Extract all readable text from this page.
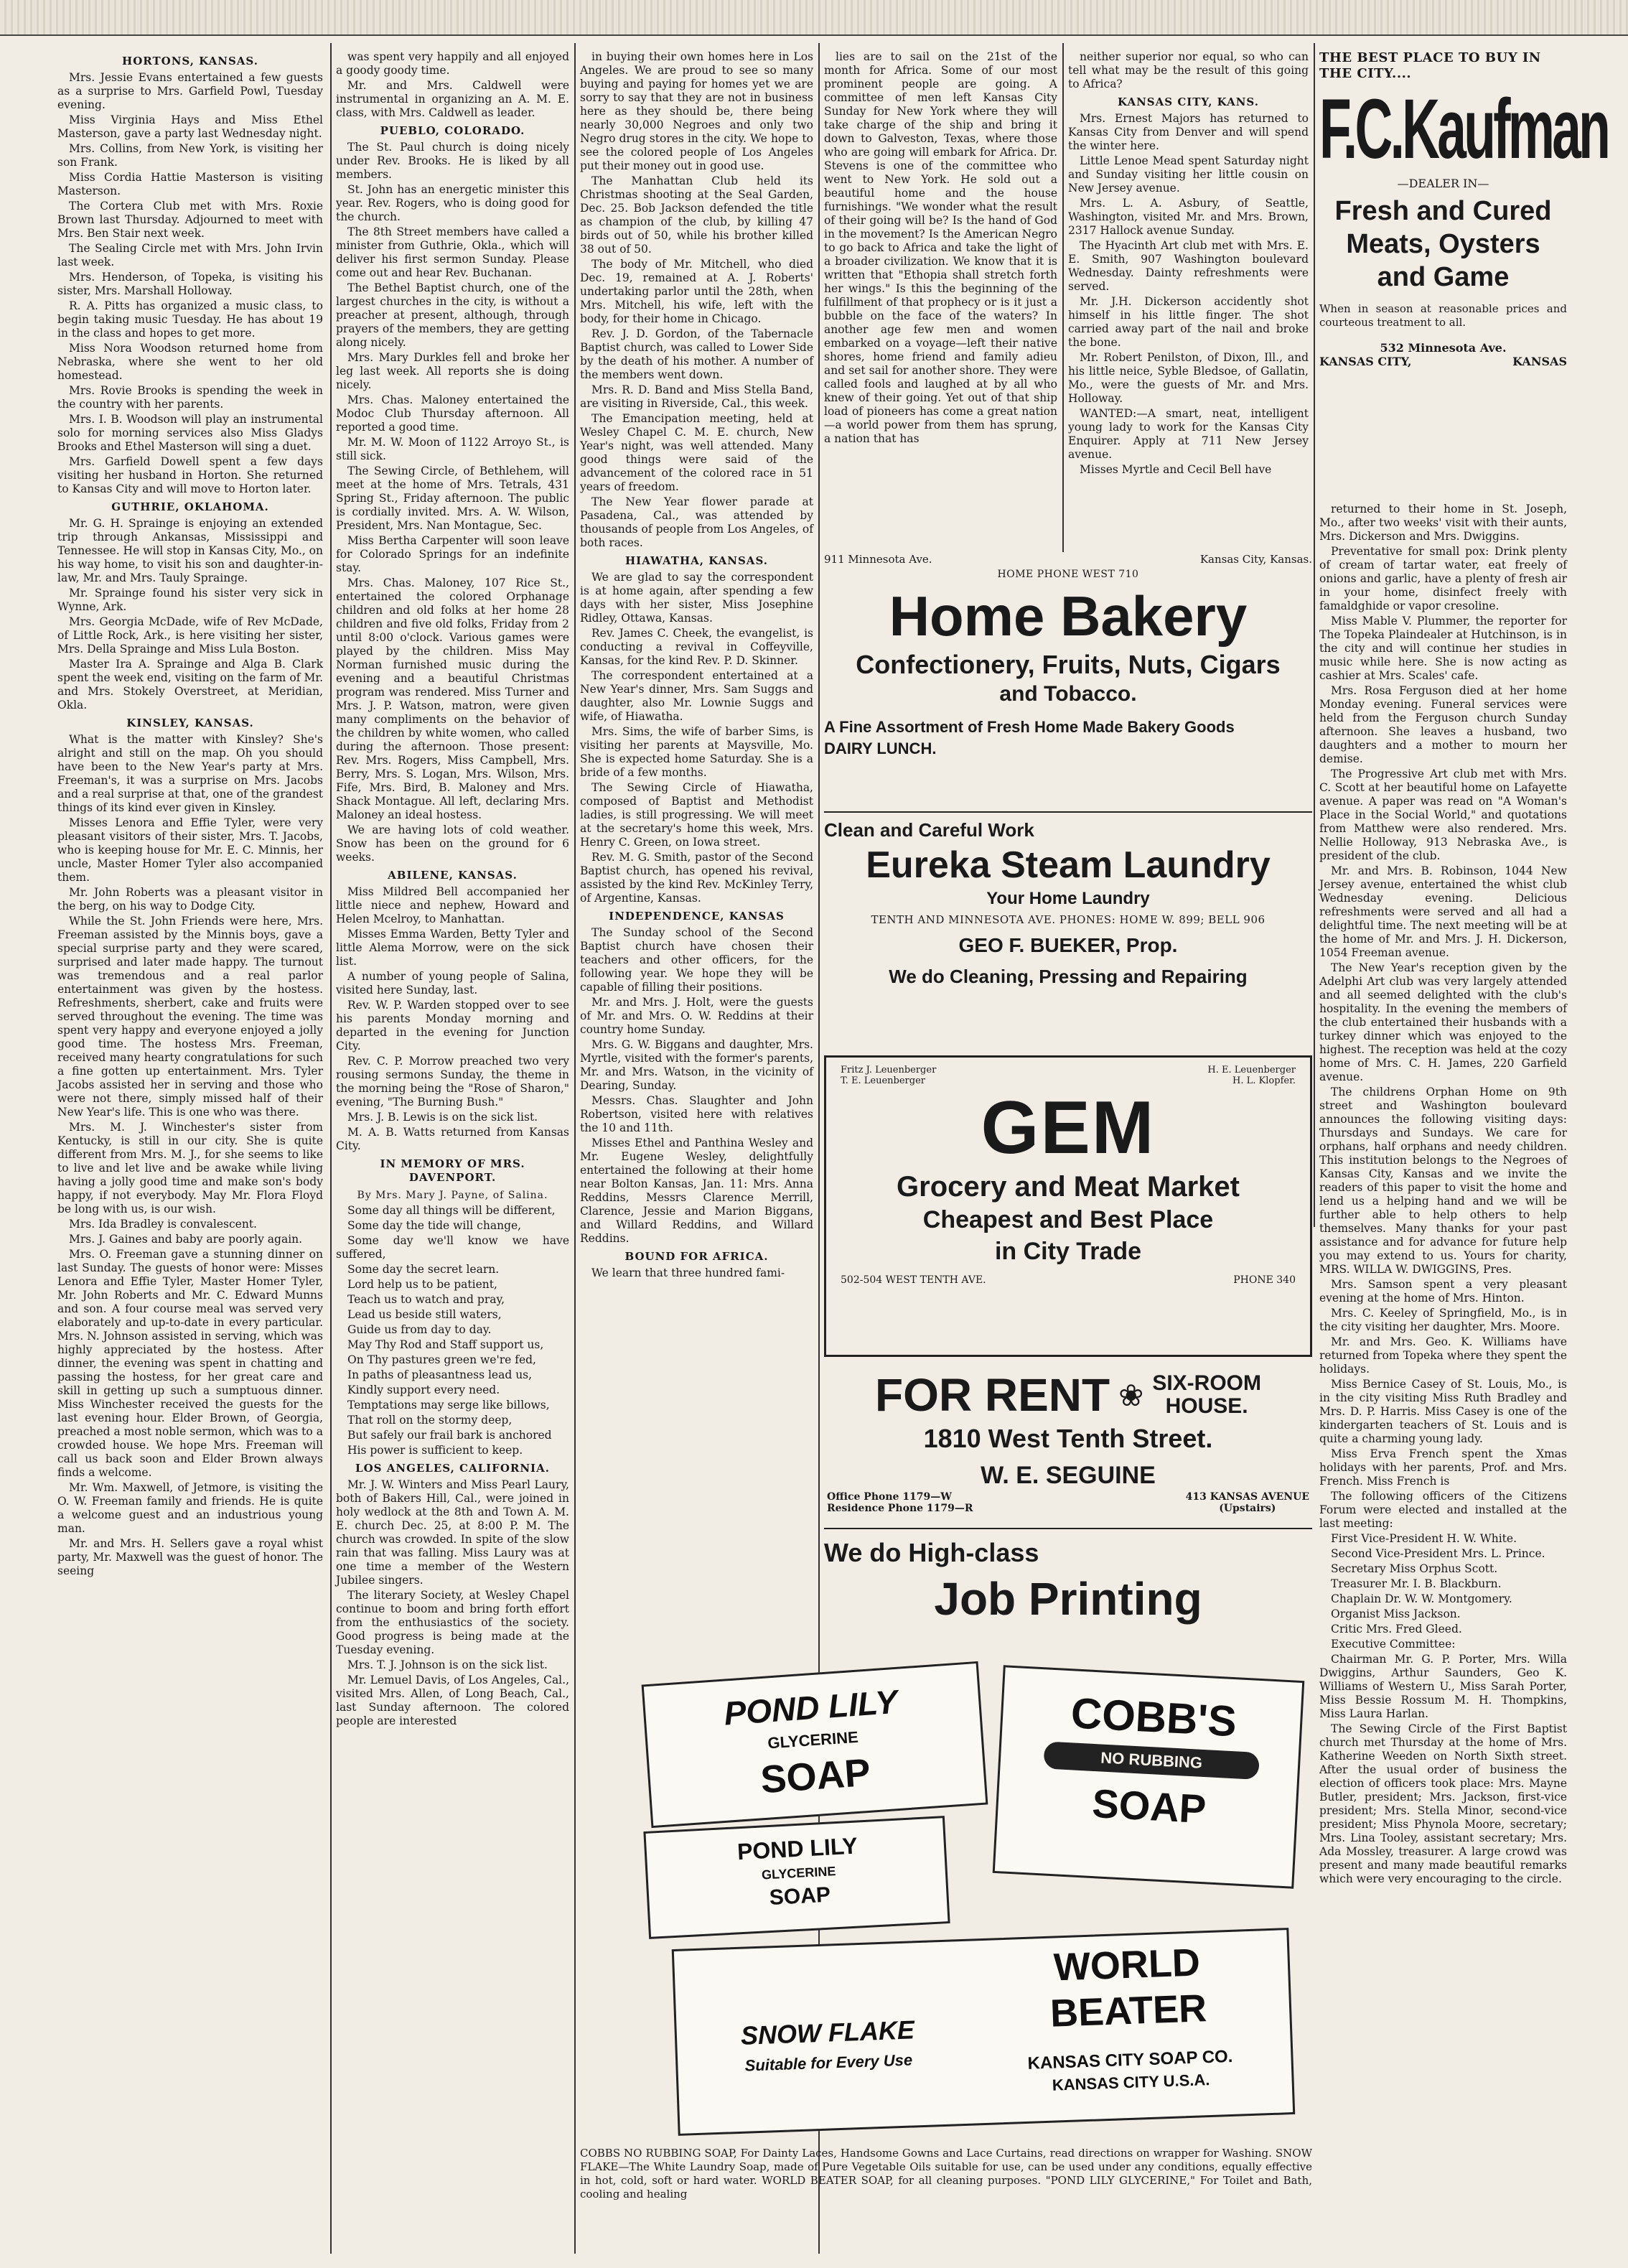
HORTONS, KANSAS.

Mrs. Jessie Evans entertained a few guests as a surprise to Mrs. Garfield Powl, Tuesday evening.

Miss Virginia Hays and Miss Ethel Masterson, gave a party last Wednesday night.

Mrs. Collins, from New York, is visiting her son Frank.

Miss Cordia Hattie Masterson is visiting Masterson.

The Cortera Club met with Mrs. Roxie Brown last Thursday. Adjourned to meet with Mrs. Ben Stair next week.

The Sealing Circle met with Mrs. John Irvin last week.

Mrs. Henderson, of Topeka, is visiting his sister, Mrs. Marshall Holloway.

R. A. Pitts has organized a music class, to begin taking music Tuesday. He has about 19 in the class and hopes to get more.

Miss Nora Woodson returned home from Nebraska, where she went to her old homestead.

Mrs. Rovie Brooks is spending the week in the country with her parents.

Mrs. I. B. Woodson will play an instrumental solo for morning services also Miss Gladys Brooks and Ethel Masterson will sing a duet.

Mrs. Garfield Dowell spent a few days visiting her husband in Horton. She returned to Kansas City and will move to Horton later.

GUTHRIE, OKLAHOMA.

Mr. G. H. Sprainge is enjoying an extended trip through Ankansas, Mississippi and Tennessee. He will stop in Kansas City, Mo., on his way home, to visit his son and daughter-in-law, Mr. and Mrs. Tauly Sprainge.

Mr. Sprainge found his sister very sick in Wynne, Ark.

Mrs. Georgia McDade, wife of Rev McDade, of Little Rock, Ark., is here visiting her sister, Mrs. Della Sprainge and Miss Lula Boston.

Master Ira A. Sprainge and Alga B. Clark spent the week end, visiting on the farm of Mr. and Mrs. Stokely Overstreet, at Meridian, Okla.

KINSLEY, KANSAS.

What is the matter with Kinsley? She's alright and still on the map. Oh you should have been to the New Year's party at Mrs. Freeman's, it was a surprise on Mrs. Jacobs and a real surprise at that, one of the grandest things of its kind ever given in Kinsley.

Misses Lenora and Effie Tyler, were very pleasant visitors of their sister, Mrs. T. Jacobs, who is keeping house for Mr. E. C. Minnis, her uncle, Master Homer Tyler also accompanied them.

Mr. John Roberts was a pleasant visitor in the berg, on his way to Dodge City.

While the St. John Friends were here, Mrs. Freeman assisted by the Minnis boys, gave a special surprise party and they were scared, surprised and later made happy. The turnout was tremendous and a real parlor entertainment was given by the hostess. Refreshments, sherbert, cake and fruits were served throughout the evening. The time was spent very happy and everyone enjoyed a jolly good time. The hostess Mrs. Freeman, received many hearty congratulations for such a fine gotten up entertainment. Mrs. Tyler Jacobs assisted her in serving and those who were not there, simply missed half of their New Year's life. This is one who was there.

Mrs. M. J. Winchester's sister from Kentucky, is still in our city. She is quite different from Mrs. M. J., for she seems to like to live and let live and be awake while living having a jolly good time and make son's body happy, if not everybody. May Mr. Flora Floyd be long with us, is our wish.

Mrs. Ida Bradley is convalescent.

Mrs. J. Gaines and baby are poorly again.

Mrs. O. Freeman gave a stunning dinner on last Sunday. The guests of honor were: Misses Lenora and Effie Tyler, Master Homer Tyler, Mr. John Roberts and Mr. C. Edward Munns and son. A four course meal was served very elaborately and up-to-date in every particular. Mrs. N. Johnson assisted in serving, which was highly appreciated by the hostess. After dinner, the evening was spent in chatting and passing the hostess, for her great care and skill in getting up such a sumptuous dinner. Miss Winchester received the guests for the last evening hour. Elder Brown, of Georgia, preached a most noble sermon, which was to a crowded house. We hope Mrs. Freeman will call us back soon and Elder Brown always finds a welcome.

Mr. Wm. Maxwell, of Jetmore, is visiting the O. W. Freeman family and friends. He is quite a welcome guest and an industrious young man.

Mr. and Mrs. H. Sellers gave a royal whist party, Mr. Maxwell was the guest of honor. The seeing

was spent very happily and all enjoyed a goody goody time.

Mr. and Mrs. Caldwell were instrumental in organizing an A. M. E. class, with Mrs. Caldwell as leader.

PUEBLO, COLORADO.

The St. Paul church is doing nicely under Rev. Brooks. He is liked by all members.

St. John has an energetic minister this year. Rev. Rogers, who is doing good for the church.

The 8th Street members have called a minister from Guthrie, Okla., which will deliver his first sermon Sunday. Please come out and hear Rev. Buchanan.

The Bethel Baptist church, one of the largest churches in the city, is without a preacher at present, although, through prayers of the members, they are getting along nicely.

Mrs. Mary Durkles fell and broke her leg last week. All reports she is doing nicely.

Mrs. Chas. Maloney entertained the Modoc Club Thursday afternoon. All reported a good time.

Mr. M. W. Moon of 1122 Arroyo St., is still sick.

The Sewing Circle, of Bethlehem, will meet at the home of Mrs. Tetrals, 431 Spring St., Friday afternoon. The public is cordially invited. Mrs. A. W. Wilson, President, Mrs. Nan Montague, Sec.

Miss Bertha Carpenter will soon leave for Colorado Springs for an indefinite stay.

Mrs. Chas. Maloney, 107 Rice St., entertained the colored Orphanage children and old folks at her home 28 children and five old folks, Friday from 2 until 8:00 o'clock. Various games were played by the children. Miss May Norman furnished music during the evening and a beautiful Christmas program was rendered. Miss Turner and Mrs. J. P. Watson, matron, were given many compliments on the behavior of the children by white women, who called during the afternoon. Those present: Rev. Mrs. Rogers, Miss Campbell, Mrs. Berry, Mrs. S. Logan, Mrs. Wilson, Mrs. Fife, Mrs. Bird, B. Maloney and Mrs. Shack Montague. All left, declaring Mrs. Maloney an ideal hostess.

We are having lots of cold weather. Snow has been on the ground for 6 weeks.

ABILENE, KANSAS.

Miss Mildred Bell accompanied her little niece and nephew, Howard and Helen Mcelroy, to Manhattan.

Misses Emma Warden, Betty Tyler and little Alema Morrow, were on the sick list.

A number of young people of Salina, visited here Sunday, last.

Rev. W. P. Warden stopped over to see his parents Monday morning and departed in the evening for Junction City.

Rev. C. P. Morrow preached two very rousing sermons Sunday, the theme in the morning being the "Rose of Sharon," evening, "The Burning Bush."

Mrs. J. B. Lewis is on the sick list.

M. A. B. Watts returned from Kansas City.

IN MEMORY OF MRS. DAVENPORT.
By Mrs. Mary J. Payne, of Salina.

Some day all things will be different,

Some day the tide will change,

Some day we'll know we have suffered,

Some day the secret learn.

Lord help us to be patient,

Teach us to watch and pray,

Lead us beside still waters,

Guide us from day to day.

May Thy Rod and Staff support us,

On Thy pastures green we're fed,

In paths of pleasantness lead us,

Kindly support every need.

Temptations may serge like billows,

That roll on the stormy deep,

But safely our frail bark is anchored

His power is sufficient to keep.

LOS ANGELES, CALIFORNIA.

Mr. J. W. Winters and Miss Pearl Laury, both of Bakers Hill, Cal., were joined in holy wedlock at the 8th and Town A. M. E. church Dec. 25, at 8:00 P. M. The church was crowded. In spite of the slow rain that was falling. Miss Laury was at one time a member of the Western Jubilee singers.

The literary Society, at Wesley Chapel continue to boom and bring forth effort from the enthusiastics of the society. Good progress is being made at the Tuesday evening.

Mrs. T. J. Johnson is on the sick list.

Mr. Lemuel Davis, of Los Angeles, Cal., visited Mrs. Allen, of Long Beach, Cal., last Sunday afternoon. The colored people are interested

in buying their own homes here in Los Angeles. We are proud to see so many buying and paying for homes yet we are sorry to say that they are not in business here as they should be, there being nearly 30,000 Negroes and only two Negro drug stores in the city. We hope to see the colored people of Los Angeles put their money out in good use.

The Manhattan Club held its Christmas shooting at the Seal Garden, Dec. 25. Bob Jackson defended the title as champion of the club, by killing 47 birds out of 50, while his brother killed 38 out of 50.

The body of Mr. Mitchell, who died Dec. 19, remained at A. J. Roberts' undertaking parlor until the 28th, when Mrs. Mitchell, his wife, left with the body, for their home in Chicago.

Rev. J. D. Gordon, of the Tabernacle Baptist church, was called to Lower Side by the death of his mother. A number of the members went down.

Mrs. R. D. Band and Miss Stella Band, are visiting in Riverside, Cal., this week.

The Emancipation meeting, held at Wesley Chapel C. M. E. church, New Year's night, was well attended. Many good things were said of the advancement of the colored race in 51 years of freedom.

The New Year flower parade at Pasadena, Cal., was attended by thousands of people from Los Angeles, of both races.

HIAWATHA, KANSAS.

We are glad to say the correspondent is at home again, after spending a few days with her sister, Miss Josephine Ridley, Ottawa, Kansas.

Rev. James C. Cheek, the evangelist, is conducting a revival in Coffeyville, Kansas, for the kind Rev. P. D. Skinner.

The correspondent entertained at a New Year's dinner, Mrs. Sam Suggs and daughter, also Mr. Lownie Suggs and wife, of Hiawatha.

Mrs. Sims, the wife of barber Sims, is visiting her parents at Maysville, Mo. She is expected home Saturday. She is a bride of a few months.

The Sewing Circle of Hiawatha, composed of Baptist and Methodist ladies, is still progressing. We will meet at the secretary's home this week, Mrs. Henry C. Green, on Iowa street.

Rev. M. G. Smith, pastor of the Second Baptist church, has opened his revival, assisted by the kind Rev. McKinley Terry, of Argentine, Kansas.

INDEPENDENCE, KANSAS

The Sunday school of the Second Baptist church have chosen their teachers and other officers, for the following year. We hope they will be capable of filling their positions.

Mr. and Mrs. J. Holt, were the guests of Mr. and Mrs. O. W. Reddins at their country home Sunday.

Mrs. G. W. Biggans and daughter, Mrs. Myrtle, visited with the former's parents, Mr. and Mrs. Watson, in the vicinity of Dearing, Sunday.

Messrs. Chas. Slaughter and John Robertson, visited here with relatives the 10 and 11th.

Misses Ethel and Panthina Wesley and Mr. Eugene Wesley, delightfully entertained the following at their home near Bolton Kansas, Jan. 11: Mrs. Anna Reddins, Messrs Clarence Merrill, Clarence, Jessie and Marion Biggans, and Willard Reddins, and Willard Reddins.

BOUND FOR AFRICA.

We learn that three hundred fami-

lies are to sail on the 21st of the month for Africa. Some of our most prominent people are going. A committee of men left Kansas City Sunday for New York where they will take charge of the ship and bring it down to Galveston, Texas, where those who are going will embark for Africa. Dr. Stevens is one of the committee who went to New York. He sold out a beautiful home and the house furnishings. "We wonder what the result of their going will be? Is the hand of God in the movement? Is the American Negro to go back to Africa and take the light of a broader civilization. We know that it is written that "Ethopia shall stretch forth her wings." Is this the beginning of the fulfillment of that prophecy or is it just a bubble on the face of the waters? In another age few men and women embarked on a voyage—left their native shores, home friend and family adieu and set sail for another shore. They were called fools and laughed at by all who knew of their going. Yet out of that ship load of pioneers has come a great nation—a world power from them has sprung, a nation that has

neither superior nor equal, so who can tell what may be the result of this going to Africa?

KANSAS CITY, KANS.

Mrs. Ernest Majors has returned to Kansas City from Denver and will spend the winter here.

Little Lenoe Mead spent Saturday night and Sunday visiting her little cousin on New Jersey avenue.

Mrs. L. A. Asbury, of Seattle, Washington, visited Mr. and Mrs. Brown, 2317 Hallock avenue Sunday.

The Hyacinth Art club met with Mrs. E. E. Smith, 907 Washington boulevard Wednesday. Dainty refreshments were served.

Mr. J.H. Dickerson accidently shot himself in his little finger. The shot carried away part of the nail and broke the bone.

Mr. Robert Penilston, of Dixon, Ill., and his little neice, Syble Bledsoe, of Gallatin, Mo., were the guests of Mr. and Mrs. Holloway.

WANTED:—A smart, neat, intelligent young lady to work for the Kansas City Enquirer. Apply at 711 New Jersey avenue.

Misses Myrtle and Cecil Bell have

returned to their home in St. Joseph, Mo., after two weeks' visit with their aunts, Mrs. Dickerson and Mrs. Dwiggins.

Preventative for small pox: Drink plenty of cream of tartar water, eat freely of onions and garlic, have a plenty of fresh air in your home, disinfect freely with famaldghide or vapor cresoline.

Miss Mable V. Plummer, the reporter for The Topeka Plaindealer at Hutchinson, is in the city and will continue her studies in music while here. She is now acting as cashier at Mrs. Scales' cafe.

Mrs. Rosa Ferguson died at her home Monday evening. Funeral services were held from the Ferguson church Sunday afternoon. She leaves a husband, two daughters and a mother to mourn her demise.

The Progressive Art club met with Mrs. C. Scott at her beautiful home on Lafayette avenue. A paper was read on "A Woman's Place in the Social World," and quotations from Matthew were also rendered. Mrs. Nellie Holloway, 913 Nebraska Ave., is president of the club.

Mr. and Mrs. B. Robinson, 1044 New Jersey avenue, entertained the whist club Wednesday evening. Delicious refreshments were served and all had a delightful time. The next meeting will be at the home of Mr. and Mrs. J. H. Dickerson, 1054 Freeman avenue.

The New Year's reception given by the Adelphi Art club was very largely attended and all seemed delighted with the club's hospitality. In the evening the members of the club entertained their husbands with a turkey dinner which was enjoyed to the highest. The reception was held at the cozy home of Mrs. C. H. James, 220 Garfield avenue.

The childrens Orphan Home on 9th street and Washington boulevard announces the following visiting days: Thursdays and Sundays. We care for orphans, half orphans and needy children. This institution belongs to the Negroes of Kansas City, Kansas and we invite the readers of this paper to visit the home and lend us a helping hand and we will be further able to help others to help themselves. Many thanks for your past assistance and for advance for future help you may extend to us. Yours for charity, MRS. WILLA W. DWIGGINS, Pres.

Mrs. Samson spent a very pleasant evening at the home of Mrs. Hinton.

Mrs. C. Keeley of Springfield, Mo., is in the city visiting her daughter, Mrs. Moore.

Mr. and Mrs. Geo. K. Williams have returned from Topeka where they spent the holidays.

Miss Bernice Casey of St. Louis, Mo., is in the city visiting Miss Ruth Bradley and Mrs. D. P. Harris. Miss Casey is one of the kindergarten teachers of St. Louis and is quite a charming young lady.

Miss Erva French spent the Xmas holidays with her parents, Prof. and Mrs. French. Miss French is

The following officers of the Citizens Forum were elected and installed at the last meeting:

First Vice-President H. W. White.

Second Vice-President Mrs. L. Prince.

Secretary Miss Orphus Scott.

Treasurer Mr. I. B. Blackburn.

Chaplain Dr. W. W. Montgomery.

Organist Miss Jackson.

Critic Mrs. Fred Gleed.

Executive Committee:

Chairman Mr. G. P. Porter, Mrs. Willa Dwiggins, Arthur Saunders, Geo K. Williams of Western U., Miss Sarah Porter, Miss Bessie Rossum M. H. Thompkins, Miss Laura Harlan.

The Sewing Circle of the First Baptist church met Thursday at the home of Mrs. Katherine Weeden on North Sixth street. After the usual order of business the election of officers took place: Mrs. Mayne Butler, president; Mrs. Jackson, first-vice president; Mrs. Stella Minor, second-vice president; Miss Phynola Moore, secretary; Mrs. Lina Tooley, assistant secretary; Mrs. Ada Mossley, treasurer. A large crowd was present and many made beautiful remarks which were very encouraging to the circle.

THE BEST PLACE TO BUY IN THE CITY....
F.C.Kaufman
—DEALER IN—
Fresh and Cured
Meats, Oysters
and Game
When in season at reasonable prices and courteous treatment to all.
532 Minnesota Ave.
KANSAS CITY,	KANSAS
911 Minnesota Ave.	Kansas City, Kansas.
HOME PHONE WEST 710
Home Bakery
Confectionery, Fruits, Nuts, Cigars
and Tobacco.
A Fine Assortment of Fresh Home Made Bakery Goods
DAIRY LUNCH.
Clean and Careful Work
Eureka Steam Laundry
Your Home Laundry
TENTH AND MINNESOTA AVE. PHONES: HOME W. 899; BELL 906
GEO F. BUEKER, Prop.
We do Cleaning, Pressing and Repairing
Fritz J. Leuenberger	H. E. Leuenberger
T. E. Leuenberger	H. L. Klopfer.
GEM
Grocery and Meat Market
Cheapest and Best Place
in City Trade
502-504 WEST TENTH AVE.	PHONE 340
FOR RENT ❀ SIX-ROOM
HOUSE.
1810 West Tenth Street.
W. E. SEGUINE
Office Phone 1179—W
Residence Phone 1179—R
413 KANSAS AVENUE
(Upstairs)
We do High-class
Job Printing
POND LILY
GLYCERINE
SOAP
POND LILY
GLYCERINE
SOAP
COBB'S
NO RUBBING
SOAP
WORLD
BEATER
SNOW FLAKE
Suitable for Every Use	KANSAS CITY SOAP CO.
KANSAS CITY U.S.A.
COBBS NO RUBBING SOAP, For Dainty Laces, Handsome Gowns and Lace Curtains, read directions on wrapper for Washing. SNOW FLAKE—The White Laundry Soap, made of Pure Vegetable Oils suitable for use, can be used under any conditions, equally effective in hot, cold, soft or hard water. WORLD BEATER SOAP, for all cleaning purposes. "POND LILY GLYCERINE," For Toilet and Bath, cooling and healing
